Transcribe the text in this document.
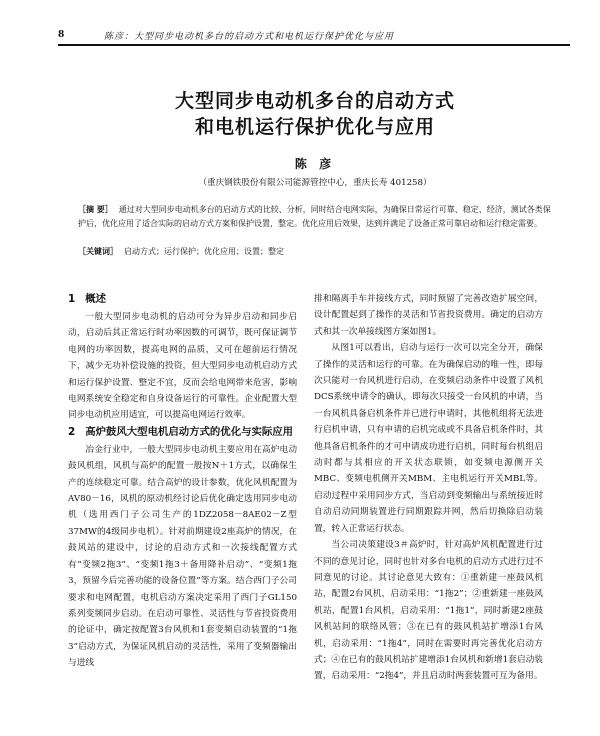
8	陈彦：大型同步电动机多台的启动方式和电机运行保护优化与应用
大型同步电动机多台的启动方式
和电机运行保护优化与应用
陈 彦
（重庆钢铁股份有限公司能源管控中心，重庆长寿 401258）
［摘 要］ 通过对大型同步电动机多台的启动方式的比较、分析，同时结合电网实际，为确保日常运行可靠、稳定、经济，测试各类保护后，优化应用了适合实际的启动方式方案和保护设置，整定。优化应用后效果，达到并满足了设备正常可靠启动和运行稳定需要。
［关键词］ 启动方式；运行保护；优化应用；设置；整定
1 概述

一般大型同步电动机的启动可分为异步启动和同步启动，启动后其正常运行时功率因数的可调节，既可保证调节电网的功率因数，提高电网的品质，又可在超前运行情况下，减少无功补偿设施的投资，但大型同步电动机启动方式和运行保护设置、整定不宜，反而会给电网带来危害，影响电网系统安全稳定和自身设备运行的可靠性。企业配置大型同步电动机应用适宜，可以提高电网运行效率。

2 高炉鼓风大型电机启动方式的优化与实际应用

冶金行业中，一般大型同步电动机主要应用在高炉电动鼓风机组，风机与高炉的配置一般按N＋1方式，以确保生产的连续稳定可靠。结合高炉的设计参数，优化风机配置为AV80－16，风机的原动机经讨论后优化确定选用同步电动机（选用西门子公司生产的1DZ2058－8AE02－Z型37MW的4级同步电机）。针对前期建设2座高炉的情况，在鼓风站的建设中，讨论的启动方式和一次接线配置方式有“变频2拖3”、“变频1拖3＋备用降补启动”、“变频1拖3，预留今后完善功能的设备位置”等方案。结合西门子公司要求和电网配置，电机启动方案决定采用了西门子GL150系列变频同步启动。在启动可靠性、灵活性与节省投资费用的论证中，确定按配置3台风机和1套变频启动装置的“1拖3”启动方式，为保证风机启动的灵活性，采用了变频器输出与进线

排和隔离手车并接线方式，同时预留了完善改造扩展空间，设计配置起到了操作的灵活和节省投资费用。确定的启动方式和其一次单接线图方案如图1。

从图1可以看出，启动与运行一次可以完全分开，确保了操作的灵活和运行的可靠。在为确保启动的唯一性，即每次只能对一台风机进行启动，在变频启动条件中设置了风机DCS系统申请令的确认，即每次只接受一台风机的申请，当一台风机具备启机条件并已进行申请时，其他机组将无法进行启机申请，只有申请的启机完成或不具备启机条件时，其他具备启机条件的才可申请成功进行启机，同时每台机组启动时都与其相应的开关状态联锁，如变频电源侧开关MBC、变频电机侧开关MBM、主电机运行开关MBL等。启动过程中采用同步方式，当启动到变频输出与系统接近时自动启动同期装置进行同期跟踪并网，然后切换除启动装置，转入正常运行状态。

当公司决策建设3＃高炉时，针对高炉风机配置进行过不同的意见讨论，同时也针对多台电机的启动方式进行过不同意见的讨论。其讨论意见大致有：①重新建一座鼓风机站，配置2台风机，启动采用：“1拖2”；②重新建一座鼓风机站，配置1台风机，启动采用：“1拖1”，同时新建2座鼓风机站间的联络风管；③在已有的鼓风机站扩增添1台风机，启动采用：“1拖4”，同时在需要时再完善优化启动方式；④在已有的鼓风机站扩建增添1台风机和新增1套启动装置，启动采用：“2拖4”，并且启动时两套装置可互为备用。
